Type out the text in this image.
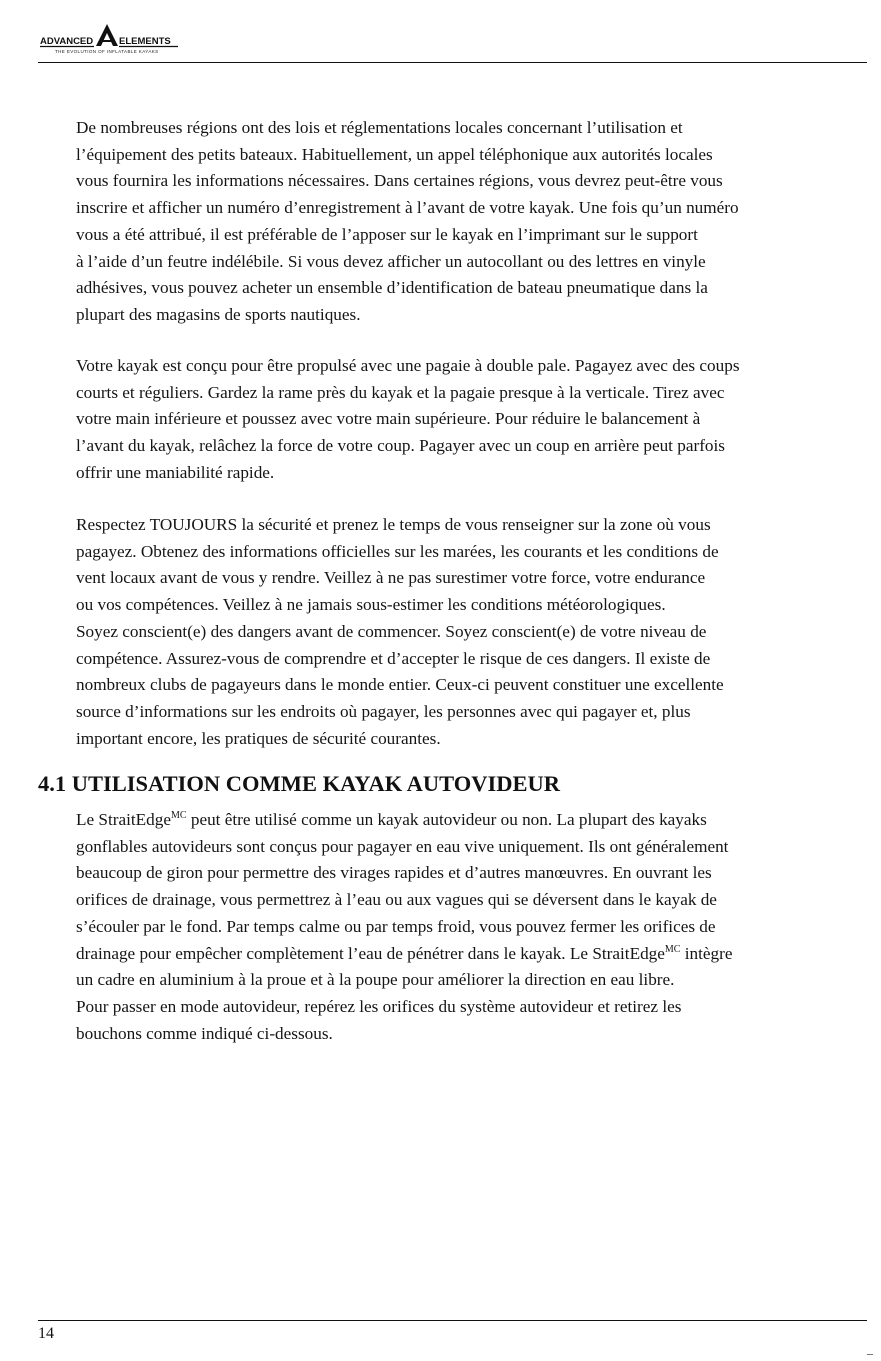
ADVANCED	ELEMENTS
THE EVOLUTION OF INFLATABLE KAYAKS
De nombreuses régions ont des lois et réglementations locales concernant l’utilisation et
l’équipement des petits bateaux. Habituellement, un appel téléphonique aux autorités locales
vous fournira les informations nécessaires. Dans certaines régions, vous devrez peut-être vous
inscrire et afficher un numéro d’enregistrement à l’avant de votre kayak. Une fois qu’un numéro
vous a été attribué, il est préférable de l’apposer sur le kayak en l’imprimant sur le support
à l’aide d’un feutre indélébile. Si vous devez afficher un autocollant ou des lettres en vinyle
adhésives, vous pouvez acheter un ensemble d’identification de bateau pneumatique dans la
plupart des magasins de sports nautiques.
Votre kayak est conçu pour être propulsé avec une pagaie à double pale. Pagayez avec des coups
courts et réguliers. Gardez la rame près du kayak et la pagaie presque à la verticale. Tirez avec
votre main inférieure et poussez avec votre main supérieure. Pour réduire le balancement à
l’avant du kayak, relâchez la force de votre coup. Pagayer avec un coup en arrière peut parfois
offrir une maniabilité rapide.
Respectez TOUJOURS la sécurité et prenez le temps de vous renseigner sur la zone où vous
pagayez. Obtenez des informations officielles sur les marées, les courants et les conditions de
vent locaux avant de vous y rendre. Veillez à ne pas surestimer votre force, votre endurance
ou vos compétences. Veillez à ne jamais sous-estimer les conditions météorologiques.
Soyez conscient(e) des dangers avant de commencer. Soyez conscient(e) de votre niveau de
compétence. Assurez-vous de comprendre et d’accepter le risque de ces dangers. Il existe de
nombreux clubs de pagayeurs dans le monde entier. Ceux-ci peuvent constituer une excellente
source d’informations sur les endroits où pagayer, les personnes avec qui pagayer et, plus
important encore, les pratiques de sécurité courantes.
4.1 UTILISATION COMME KAYAK AUTOVIDEUR
Le StraitEdge$^{MC}$ peut être utilisé comme un kayak autovideur ou non. La plupart des kayaks
gonflables autovideurs sont conçus pour pagayer en eau vive uniquement. Ils ont généralement
beaucoup de giron pour permettre des virages rapides et d’autres manœuvres. En ouvrant les
orifices de drainage, vous permettrez à l’eau ou aux vagues qui se déversent dans le kayak de
s’écouler par le fond. Par temps calme ou par temps froid, vous pouvez fermer les orifices de
drainage pour empêcher complètement l’eau de pénétrer dans le kayak. Le StraitEdge$^{MC}$ intègre
un cadre en aluminium à la proue et à la poupe pour améliorer la direction en eau libre.
Pour passer en mode autovideur, repérez les orifices du système autovideur et retirez les
bouchons comme indiqué ci-dessous.
14
